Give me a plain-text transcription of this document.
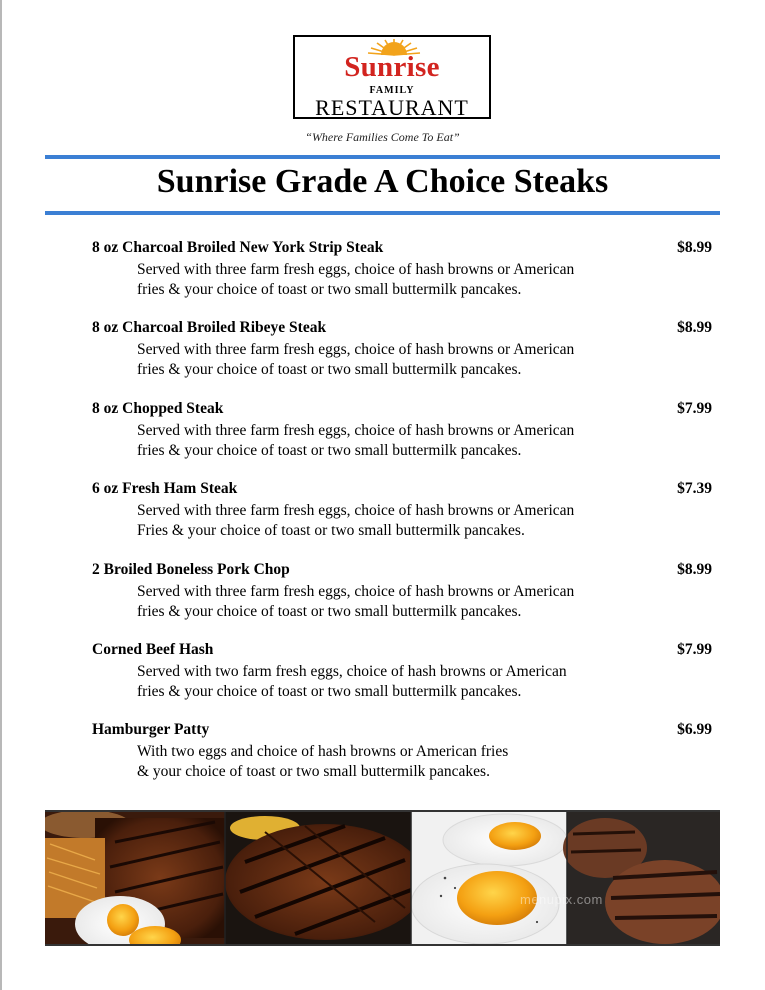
Sunrise
FAMILY
RESTAURANT
“Where Families Come To Eat”
Sunrise Grade A Choice Steaks
8 oz Charcoal Broiled New York Strip Steak	$8.99
Served with three farm fresh eggs, choice of hash browns or American
fries & your choice of toast or two small buttermilk pancakes.
8 oz Charcoal Broiled Ribeye Steak	$8.99
Served with three farm fresh eggs, choice of hash browns or American
fries & your choice of toast or two small buttermilk pancakes.
8 oz Chopped Steak	$7.99
Served with three farm fresh eggs, choice of hash browns or American
fries & your choice of toast or two small buttermilk pancakes.
6 oz Fresh Ham Steak	$7.39
Served with three farm fresh eggs, choice of hash browns or American
Fries & your choice of toast or two small buttermilk pancakes.
2 Broiled Boneless Pork Chop	$8.99
Served with three farm fresh eggs, choice of hash browns or American
fries & your choice of toast or two small buttermilk pancakes.
Corned Beef Hash	$7.99
Served with two farm fresh eggs, choice of hash browns or American
fries & your choice of toast or two small buttermilk pancakes.
Hamburger Patty	$6.99
With two eggs and choice of hash browns or American fries
& your choice of toast or two small buttermilk pancakes.
menupix.com
